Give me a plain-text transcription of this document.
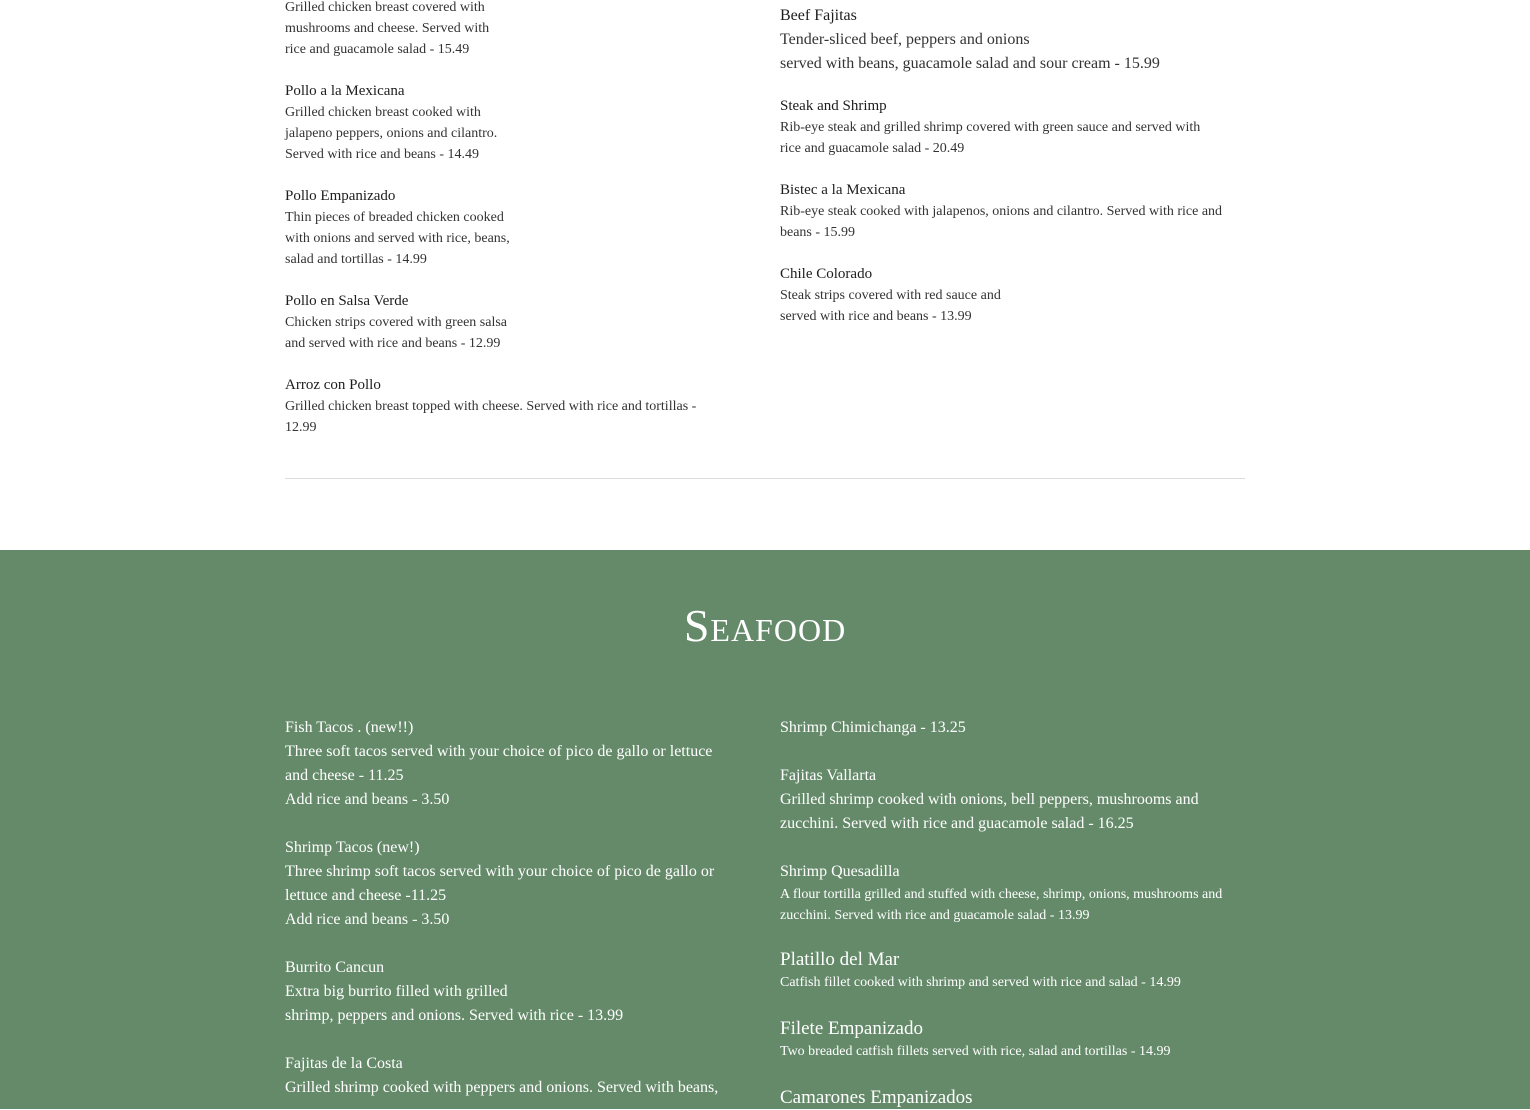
Grilled chicken breast covered with
mushrooms and cheese. Served with
rice and guacamole salad - 15.49
Pollo a la Mexicana
Grilled chicken breast cooked with
jalapeno peppers, onions and cilantro.
Served with rice and beans - 14.49
Pollo Empanizado
Thin pieces of breaded chicken cooked
with onions and served with rice, beans,
salad and tortillas - 14.99
Pollo en Salsa Verde
Chicken strips covered with green salsa
and served with rice and beans - 12.99
Arroz con Pollo
Grilled chicken breast topped with cheese. Served with rice and tortillas -
12.99
Beef Fajitas
Tender-sliced beef, peppers and onions
served with beans, guacamole salad and sour cream - 15.99
Steak and Shrimp
Rib-eye steak and grilled shrimp covered with green sauce and served with
rice and guacamole salad - 20.49
Bistec a la Mexicana
Rib-eye steak cooked with jalapenos, onions and cilantro. Served with rice and
beans - 15.99
Chile Colorado
Steak strips covered with red sauce and
served with rice and beans - 13.99
Seafood
Fish Tacos . (new!!)
Three soft tacos served with your choice of pico de gallo or lettuce
and cheese - 11.25
Add rice and beans - 3.50
Shrimp Tacos (new!)
Three shrimp soft tacos served with your choice of pico de gallo or
lettuce and cheese -11.25
Add rice and beans - 3.50
Burrito Cancun
Extra big burrito filled with grilled
shrimp, peppers and onions. Served with rice - 13.99
Fajitas de la Costa
Grilled shrimp cooked with peppers and onions. Served with beans,
Shrimp Chimichanga - 13.25
Fajitas Vallarta
Grilled shrimp cooked with onions, bell peppers, mushrooms and
zucchini. Served with rice and guacamole salad - 16.25
Shrimp Quesadilla
A flour tortilla grilled and stuffed with cheese, shrimp, onions, mushrooms and
zucchini. Served with rice and guacamole salad - 13.99
Platillo del Mar
Catfish fillet cooked with shrimp and served with rice and salad - 14.99
Filete Empanizado
Two breaded catfish fillets served with rice, salad and tortillas - 14.99
Camarones Empanizados
